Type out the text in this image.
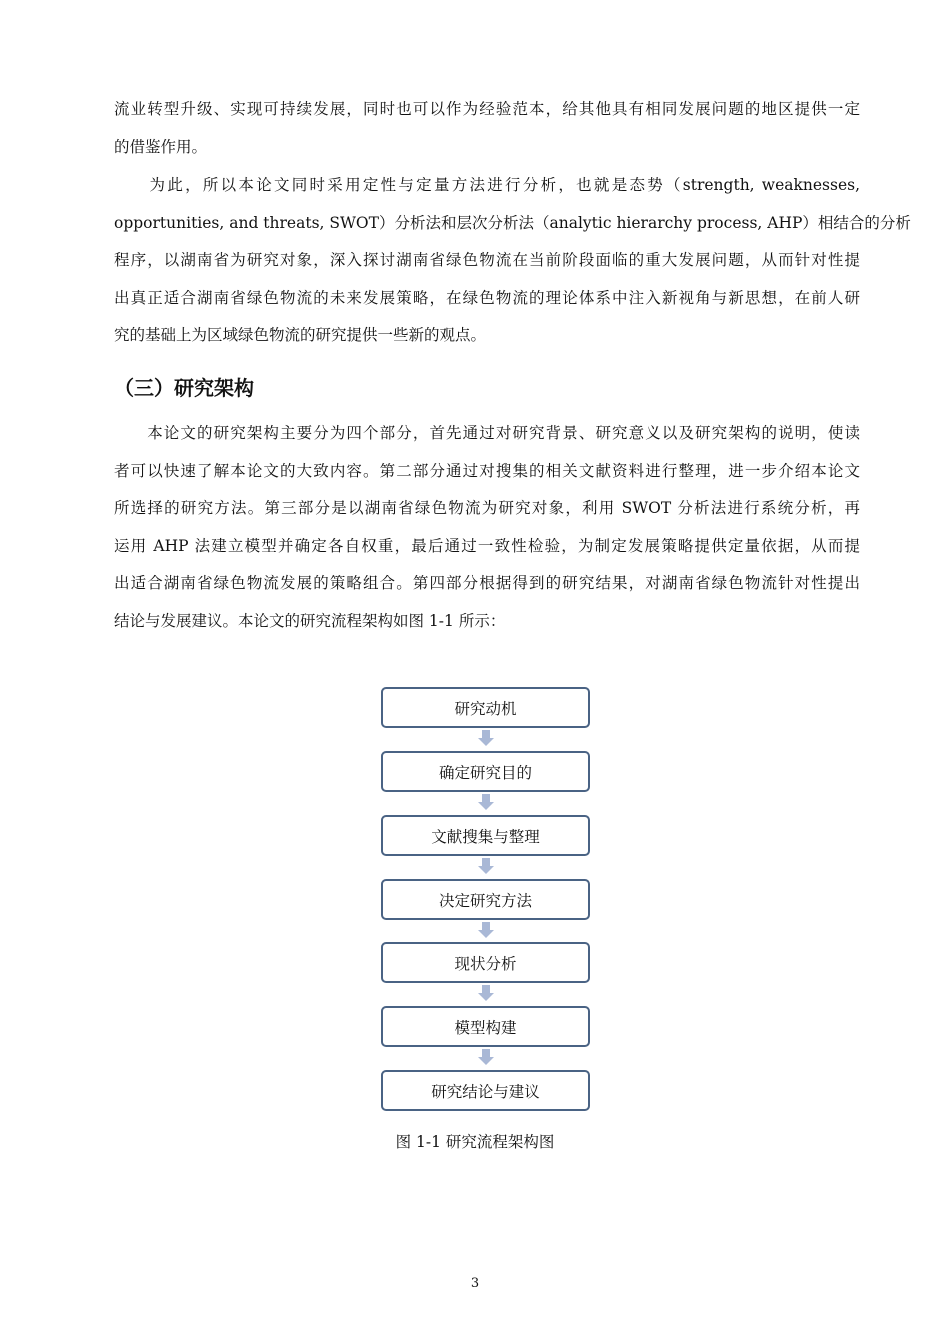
流业转型升级、实现可持续发展，同时也可以作为经验范本，给其他具有相同发展问题的地区提供一定
的借鉴作用。
　　为此，所以本论文同时采用定性与定量方法进行分析，也就是态势（strength, weaknesses,
opportunities, and threats, SWOT）分析法和层次分析法（analytic hierarchy process, AHP）相结合的分析
程序，以湖南省为研究对象，深入探讨湖南省绿色物流在当前阶段面临的重大发展问题，从而针对性提
出真正适合湖南省绿色物流的未来发展策略，在绿色物流的理论体系中注入新视角与新思想，在前人研
究的基础上为区域绿色物流的研究提供一些新的观点。
（三）研究架构
　　本论文的研究架构主要分为四个部分，首先通过对研究背景、研究意义以及研究架构的说明，使读
者可以快速了解本论文的大致内容。第二部分通过对搜集的相关文献资料进行整理，进一步介绍本论文
所选择的研究方法。第三部分是以湖南省绿色物流为研究对象，利用 SWOT 分析法进行系统分析，再
运用 AHP 法建立模型并确定各自权重，最后通过一致性检验，为制定发展策略提供定量依据，从而提
出适合湖南省绿色物流发展的策略组合。第四部分根据得到的研究结果，对湖南省绿色物流针对性提出
结论与发展建议。本论文的研究流程架构如图 1-1 所示：
研究动机
确定研究目的
文献搜集与整理
决定研究方法
现状分析
模型构建
研究结论与建议

图 1-1 研究流程架构图

3
